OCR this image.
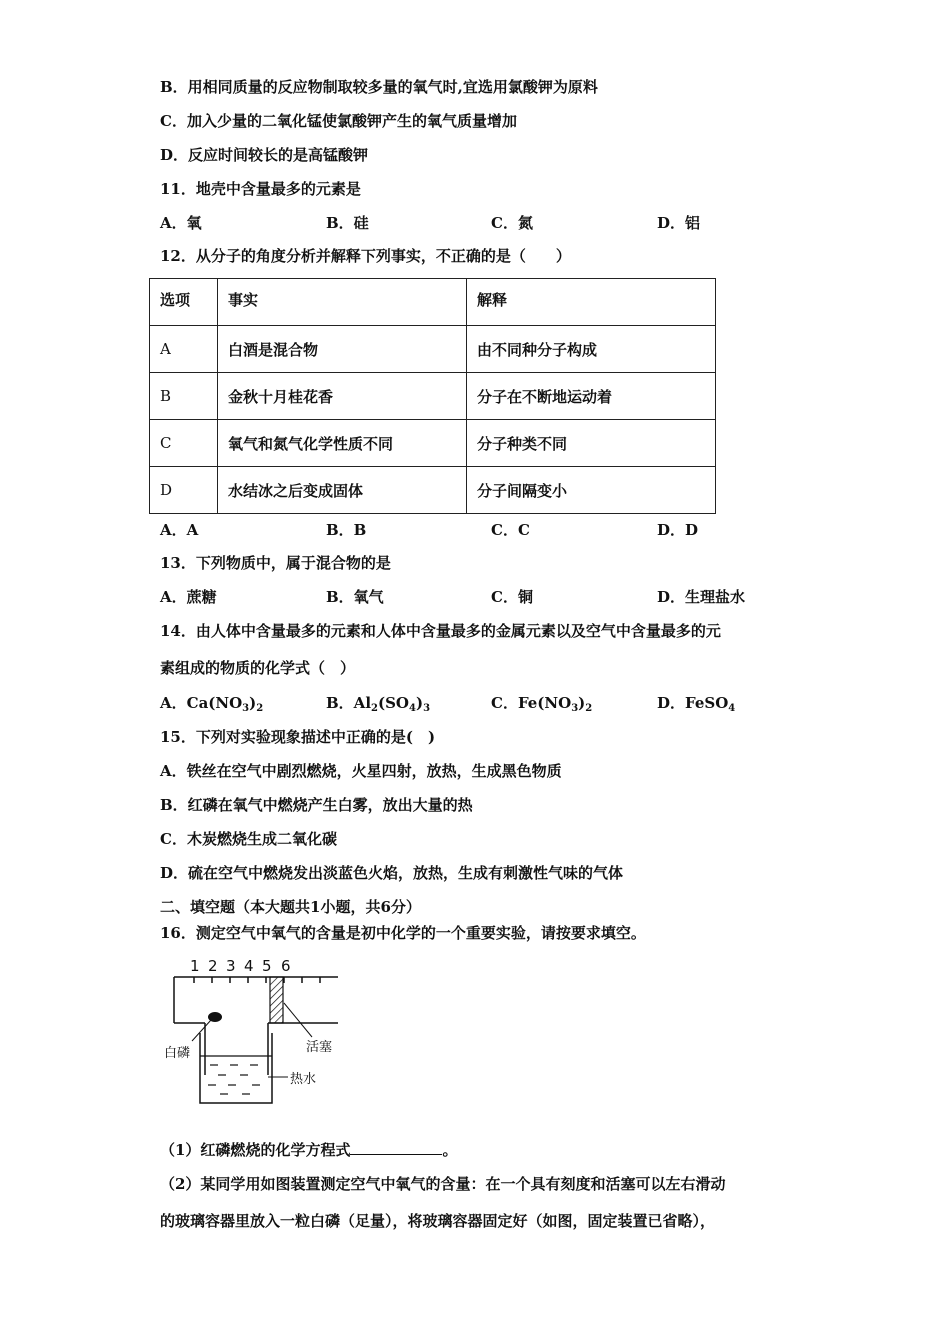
B．用相同质量的反应物制取较多量的氧气时,宜选用氯酸钾为原料
C．加入少量的二氧化锰使氯酸钾产生的氧气质量增加
D．反应时间较长的是高锰酸钾
11．地壳中含量最多的元素是
A．氧	B．硅	C．氮	D．铝
12．从分子的角度分析并解释下列事实，不正确的是（　　）
选项	事实	解释
A	白酒是混合物	由不同种分子构成
B	金秋十月桂花香	分子在不断地运动着
C	氧气和氮气化学性质不同	分子种类不同
D	水结冰之后变成固体	分子间隔变小
A．A	B．B	C．C	D．D
13．下列物质中，属于混合物的是
A．蔗糖	B．氧气	C．铜	D．生理盐水
14．由人体中含量最多的元素和人体中含量最多的金属元素以及空气中含量最多的元
素组成的物质的化学式（　）
A．$Ca(NO_3)_2$	B．$Al_2(SO_4)_3$	C．$Fe(NO_3)_2$	D．FeSO$_4$
15．下列对实验现象描述中正确的是(　)
A．铁丝在空气中剧烈燃烧，火星四射，放热，生成黑色物质
B．红磷在氧气中燃烧产生白雾，放出大量的热
C．木炭燃烧生成二氧化碳
D．硫在空气中燃烧发出淡蓝色火焰，放热，生成有刺激性气味的气体
二、填空题（本大题共1小题，共6分）
16．测定空气中氧气的含量是初中化学的一个重要实验，请按要求填空。
1 2 3 4 5 6
白磷	活塞
热水
（1）红磷燃烧的化学方程式	。
（2）某同学用如图装置测定空气中氧气的含量：在一个具有刻度和活塞可以左右滑动
的玻璃容器里放入一粒白磷（足量），将玻璃容器固定好（如图，固定装置已省略），
